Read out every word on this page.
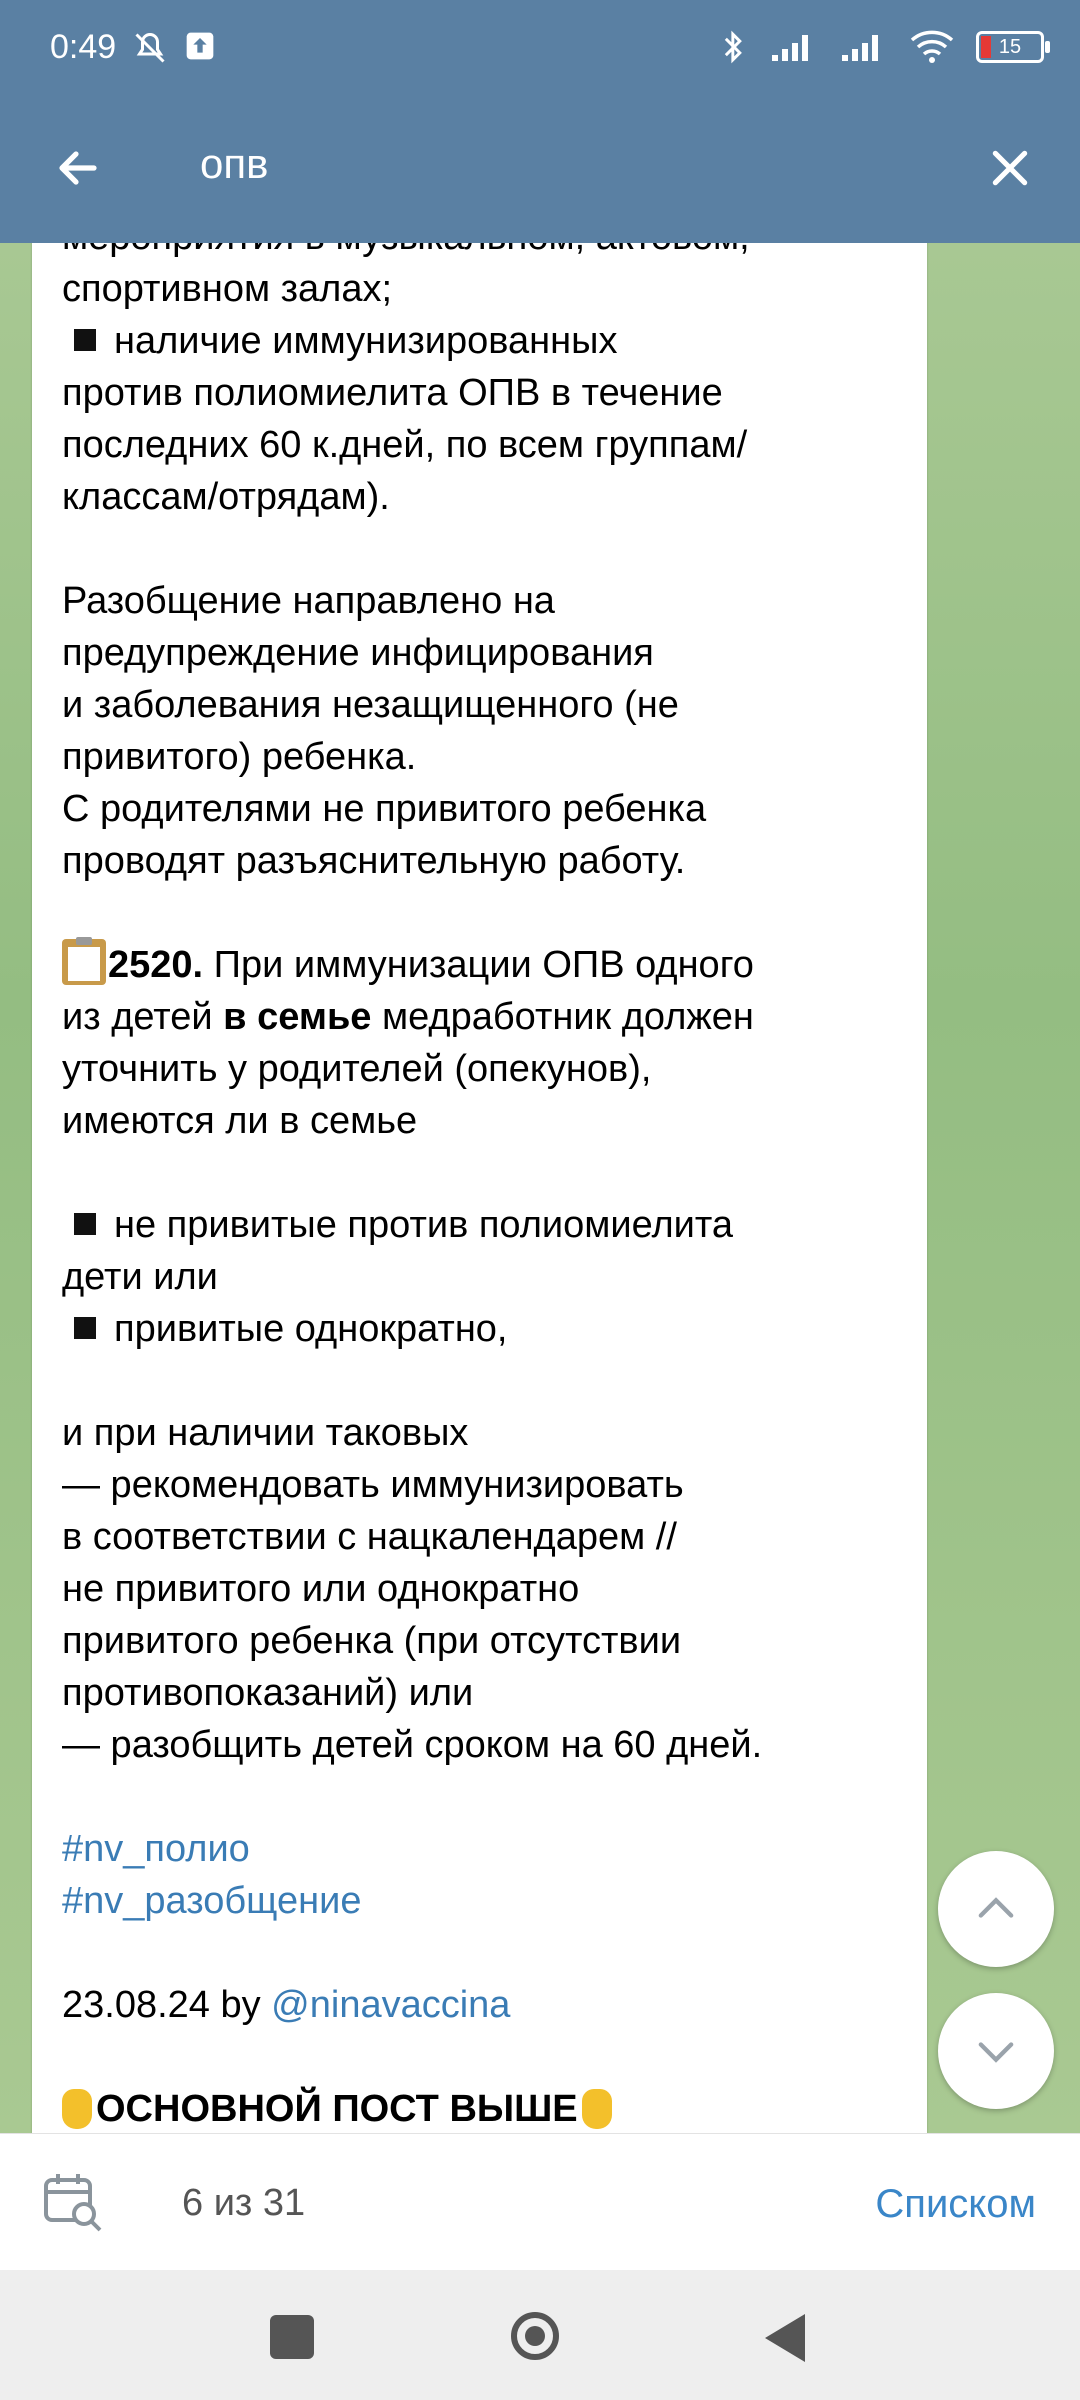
0:49	15
опв
спортивном залах;
наличие иммунизированных
против полиомиелита ОПВ в течение
последних 60 к.дней, по всем группам/
классам/отрядам).
Разобщение направлено на
предупреждение инфицирования
и заболевания незащищенного (не
привитого) ребенка.
С родителями не привитого ребенка
проводят разъяснительную работу.
2520. При иммунизации ОПВ одного
из детей в семье медработник должен
уточнить у родителей (опекунов),
имеются ли в семье
не привитые против полиомиелита
дети или
привитые однократно,
и при наличии таковых
— рекомендовать иммунизировать
в соответствии с нацкалендарем //
не привитого или однократно
привитого ребенка (при отсутствии
противопоказаний) или
— разобщить детей сроком на 60 дней.
#nv_полио
#nv_разобщение
23.08.24 by @ninavaccina
ОСНОВНОЙ ПОСТ ВЫШЕ
6 из 31	Списком
